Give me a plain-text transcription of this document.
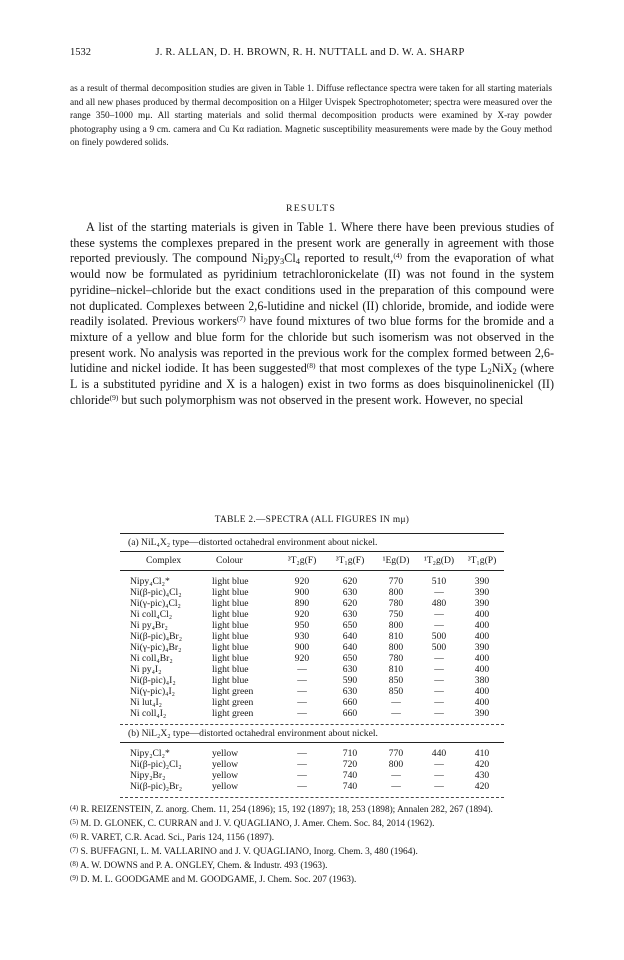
1532	J. R. ALLAN, D. H. BROWN, R. H. NUTTALL and D. W. A. SHARP
as a result of thermal decomposition studies are given in Table 1. Diffuse reflectance spectra were taken for all starting materials and all new phases produced by thermal decomposition on a Hilger Uvispek Spectrophotometer; spectra were measured over the range 350–1000 mμ. All starting materials and solid thermal decomposition products were examined by X-ray powder photography using a 9 cm. camera and Cu Kα radiation. Magnetic susceptibility measurements were made by the Gouy method on finely powdered solids.
RESULTS

A list of the starting materials is given in Table 1. Where there have been previous studies of these systems the complexes prepared in the present work are generally in agreement with those reported previously. The compound $Ni_2py_3Cl_4$ reported to result,$^{(4)}$ from the evaporation of what would now be formulated as pyridinium tetrachloronickelate (II) was not found in the system pyridine–nickel–chloride but the exact conditions used in the preparation of this compound were not duplicated. Complexes between 2,6-lutidine and nickel (II) chloride, bromide, and iodide were readily isolated. Previous workers$^{(7)}$ have found mixtures of two blue forms for the bromide and a mixture of a yellow and blue form for the chloride but such isomerism was not observed in the present work. No analysis was reported in the previous work for the complex formed between 2,6-lutidine and nickel iodide. It has been suggested$^{(8)}$ that most complexes of the type $L_2NiX_2$ (where L is a substituted pyridine and X is a halogen) exist in two forms as does bisquinolinenickel (II) chloride$^{(9)}$ but such polymorphism was not observed in the present work. However, no special

TABLE 2.—SPECTRA (ALL FIGURES IN mμ)
(a) NiL₄X₂ type—distorted octahedral environment about nickel.
Complex	Colour	³T₂g(F)	³T₁g(F)	¹Eg(D)	¹T₂g(D)	³T₁g(P)
Nipy₄Cl₂*	light blue	920	620	770	510	390
Ni(β-pic)₄Cl₂	light blue	900	630	800	—	390
Ni(γ-pic)₄Cl₂	light blue	890	620	780	480	390
Ni coll₄Cl₂	light blue	920	630	750	—	400
Ni py₄Br₂	light blue	950	650	800	—	400
Ni(β-pic)₄Br₂	light blue	930	640	810	500	400
Ni(γ-pic)₄Br₂	light blue	900	640	800	500	390
Ni coll₄Br₂	light blue	920	650	780	—	400
Ni py₄I₂	light blue	—	630	810	—	400
Ni(β-pic)₄I₂	light blue	—	590	850	—	380
Ni(γ-pic)₄I₂	light green	—	630	850	—	400
Ni lut₄I₂	light green	—	660	—	—	400
Ni coll₄I₂	light green	—	660	—	—	390
(b) NiL₂X₂ type—distorted octahedral environment about nickel.
Nipy₂Cl₂*	yellow	—	710	770	440	410
Ni(β-pic)₂Cl₂	yellow	—	720	800	—	420
Nipy₂Br₂	yellow	—	740	—	—	430
Ni(β-pic)₂Br₂	yellow	—	740	—	—	420
$^{(4)}$ R. REIZENSTEIN, Z. anorg. Chem. 11, 254 (1896); 15, 192 (1897); 18, 253 (1898); Annalen 282, 267 (1894).
$^{(5)}$ M. D. GLONEK, C. CURRAN and J. V. QUAGLIANO, J. Amer. Chem. Soc. 84, 2014 (1962).
$^{(6)}$ R. VARET, C.R. Acad. Sci., Paris 124, 1156 (1897).
$^{(7)}$ S. BUFFAGNI, L. M. VALLARINO and J. V. QUAGLIANO, Inorg. Chem. 3, 480 (1964).
$^{(8)}$ A. W. DOWNS and P. A. ONGLEY, Chem. & Industr. 493 (1963).
$^{(9)}$ D. M. L. GOODGAME and M. GOODGAME, J. Chem. Soc. 207 (1963).
